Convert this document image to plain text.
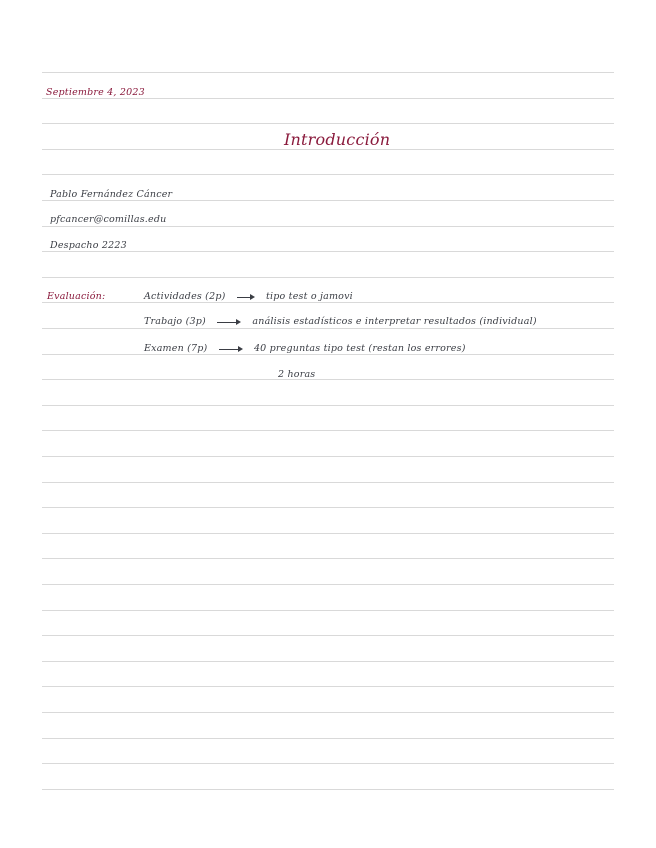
Septiembre 4, 2023
Introducción
Pablo Fernández Cáncer
pfcancer@comillas.edu
Despacho 2223
Evaluación:	Actividades (2p)	tipo test o jamovi
Trabajo (3p)	análisis estadísticos e interpretar resultados (individual)
Examen (7p)	40 preguntas tipo test (restan los errores)
2 horas
